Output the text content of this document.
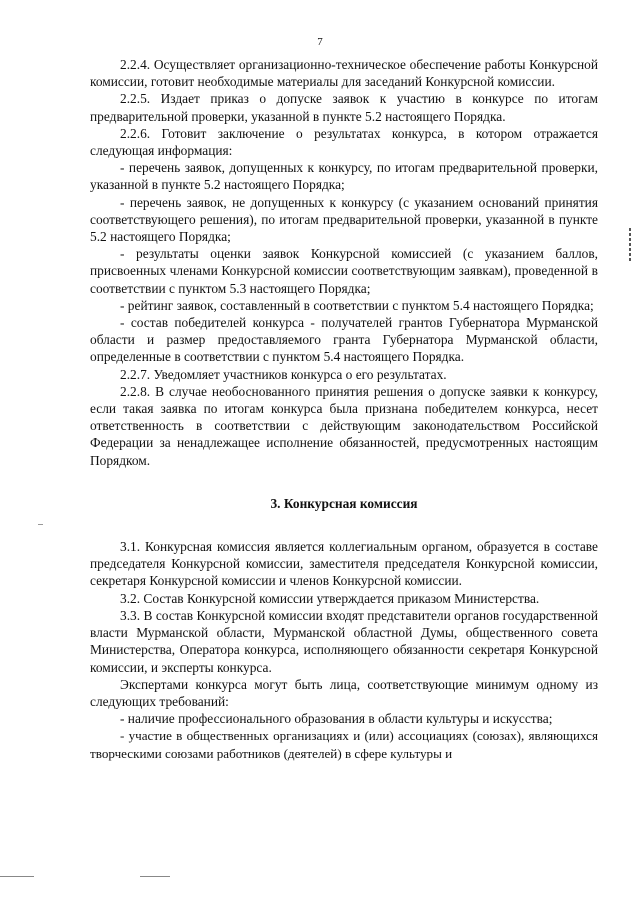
7

2.2.4. Осуществляет организационно-техническое обеспечение работы Конкурсной комиссии, готовит необходимые материалы для заседаний Конкурсной комиссии.

2.2.5. Издает приказ о допуске заявок к участию в конкурсе по итогам предварительной проверки, указанной в пункте 5.2 настоящего Порядка.

2.2.6. Готовит заключение о результатах конкурса, в котором отражается следующая информация:

- перечень заявок, допущенных к конкурсу, по итогам предварительной проверки, указанной в пункте 5.2 настоящего Порядка;

- перечень заявок, не допущенных к конкурсу (с указанием оснований принятия соответствующего решения), по итогам предварительной проверки, указанной в пункте 5.2 настоящего Порядка;

- результаты оценки заявок Конкурсной комиссией (с указанием баллов, присвоенных членами Конкурсной комиссии соответствующим заявкам), проведенной в соответствии с пунктом 5.3 настоящего Порядка;

- рейтинг заявок, составленный в соответствии с пунктом 5.4 настоящего Порядка;

- состав победителей конкурса - получателей грантов Губернатора Мурманской области и размер предоставляемого гранта Губернатора Мурманской области, определенные в соответствии с пунктом 5.4 настоящего Порядка.

2.2.7. Уведомляет участников конкурса о его результатах.

2.2.8. В случае необоснованного принятия решения о допуске заявки к конкурсу, если такая заявка по итогам конкурса была признана победителем конкурса, несет ответственность в соответствии с действующим законодательством Российской Федерации за ненадлежащее исполнение обязанностей, предусмотренных настоящим Порядком.

3. Конкурсная комиссия

3.1. Конкурсная комиссия является коллегиальным органом, образуется в составе председателя Конкурсной комиссии, заместителя председателя Конкурсной комиссии, секретаря Конкурсной комиссии и членов Конкурсной комиссии.

3.2. Состав Конкурсной комиссии утверждается приказом Министерства.

3.3. В состав Конкурсной комиссии входят представители органов государственной власти Мурманской области, Мурманской областной Думы, общественного совета Министерства, Оператора конкурса, исполняющего обязанности секретаря Конкурсной комиссии, и эксперты конкурса.

Экспертами конкурса могут быть лица, соответствующие минимум одному из следующих требований:

- наличие профессионального образования в области культуры и искусства;

- участие в общественных организациях и (или) ассоциациях (союзах), являющихся творческими союзами работников (деятелей) в сфере культуры и
